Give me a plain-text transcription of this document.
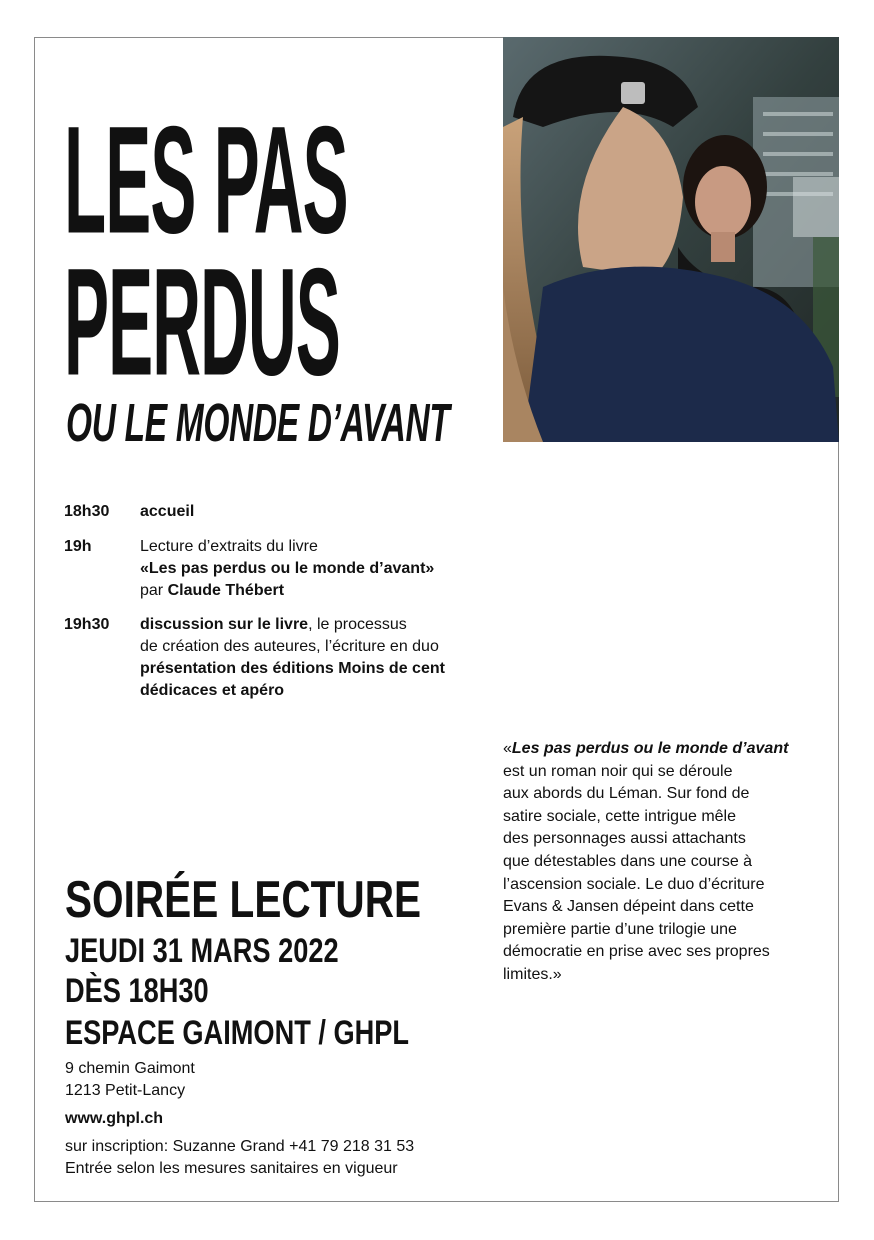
LES PAS
PERDUS
OU LE MONDE D’AVANT
18h30	accueil
19h	Lecture d’extraits du livre
«Les pas perdus ou le monde d’avant»
par Claude Thébert
19h30	discussion sur le livre, le processus
de création des auteures, l’écriture en duo
présentation des éditions Moins de cent
dédicaces et apéro
«Les pas perdus ou le monde d’avant
est un roman noir qui se déroule
aux abords du Léman. Sur fond de
satire sociale, cette intrigue mêle
des personnages aussi attachants
que détestables dans une course à
l’ascension sociale. Le duo d’écriture
Evans & Jansen dépeint dans cette
première partie d’une trilogie une
démocratie en prise avec ses propres
limites.»
SOIRÉE LECTURE
JEUDI 31 MARS 2022
DÈS 18H30
ESPACE GAIMONT / GHPL
9 chemin Gaimont
1213 Petit-Lancy
www.ghpl.ch
sur inscription: Suzanne Grand +41 79 218 31 53
Entrée selon les mesures sanitaires en vigueur
